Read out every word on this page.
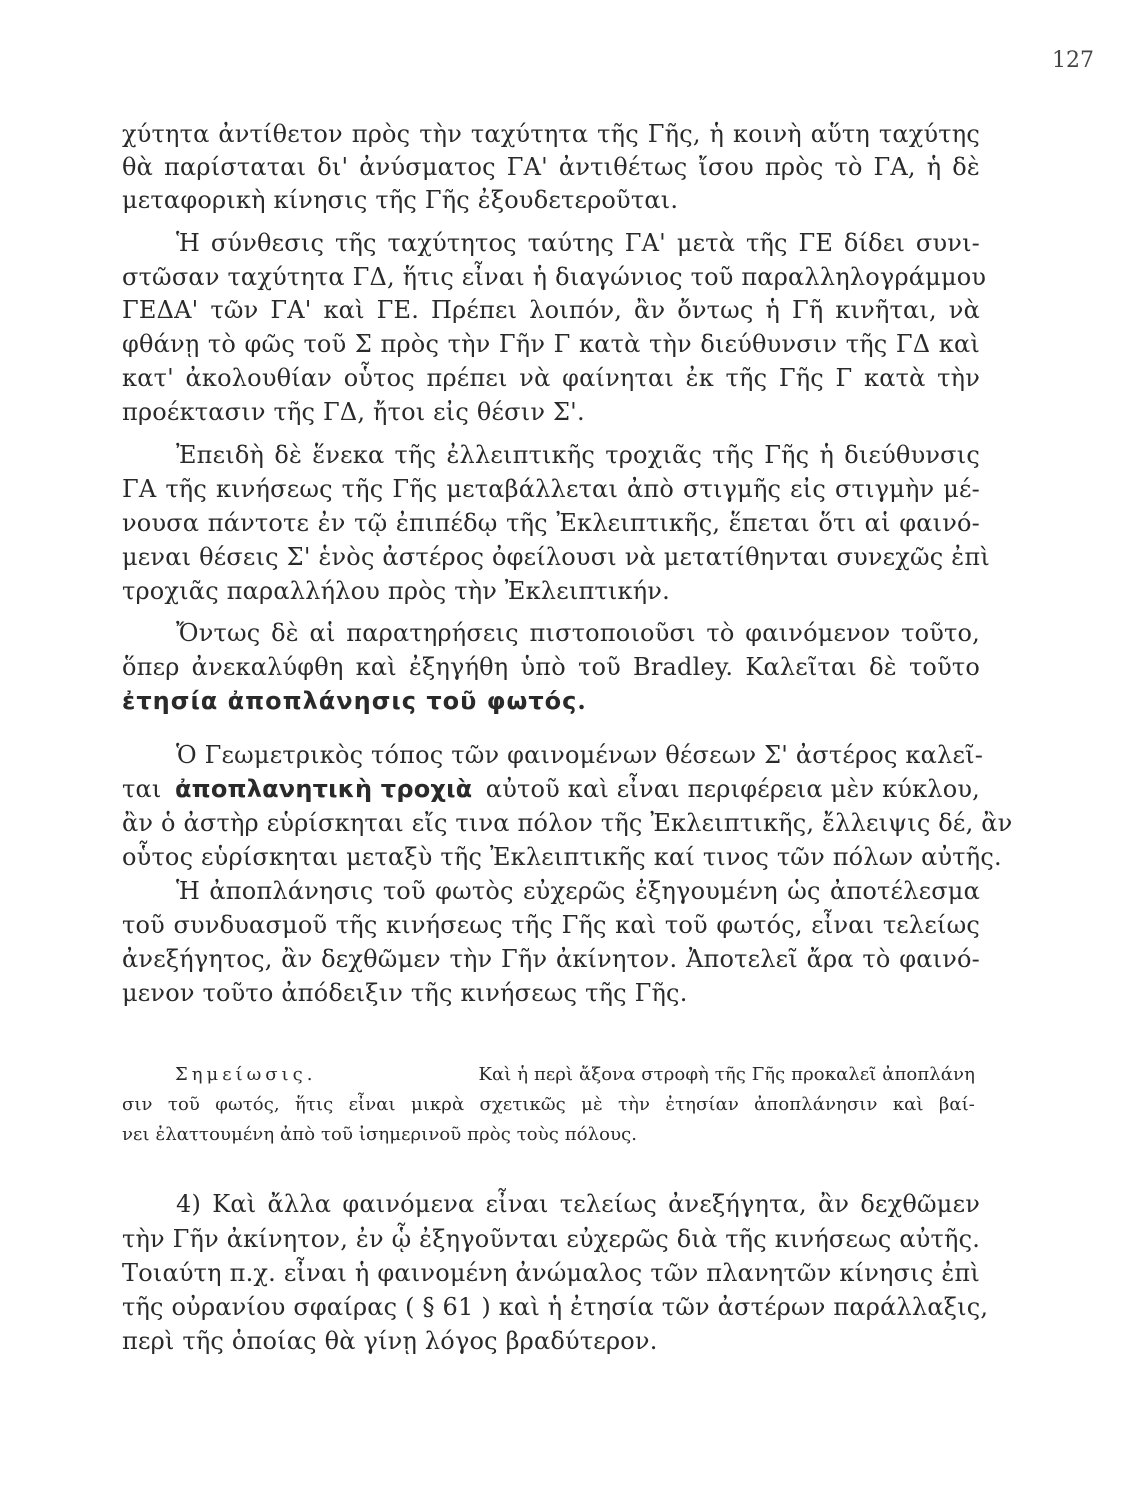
127
χύτητα ἀντίθετον πρὸς τὴν ταχύτητα τῆς Γῆς, ἡ κοινὴ αὕτη ταχύτης
θὰ παρίσταται δι' ἀνύσματος ΓΑ' ἀντιθέτως ἴσου πρὸς τὸ ΓΑ, ἡ δὲ
μεταφορικὴ κίνησις τῆς Γῆς ἐξουδετεροῦται.
Ἡ σύνθεσις τῆς ταχύτητος ταύτης ΓΑ' μετὰ τῆς ΓΕ δίδει συνι-
στῶσαν ταχύτητα ΓΔ, ἥτις εἶναι ἡ διαγώνιος τοῦ παραλληλογράμμου
ΓΕΔΑ' τῶν ΓΑ' καὶ ΓΕ. Πρέπει λοιπόν, ἂν ὄντως ἡ Γῆ κινῆται, νὰ
φθάνῃ τὸ φῶς τοῦ Σ πρὸς τὴν Γῆν Γ κατὰ τὴν διεύθυνσιν τῆς ΓΔ καὶ
κατ' ἀκολουθίαν οὗτος πρέπει νὰ φαίνηται ἐκ τῆς Γῆς Γ κατὰ τὴν
προέκτασιν τῆς ΓΔ, ἤτοι εἰς θέσιν Σ'.
Ἐπειδὴ δὲ ἕνεκα τῆς ἐλλειπτικῆς τροχιᾶς τῆς Γῆς ἡ διεύθυνσις
ΓΑ τῆς κινήσεως τῆς Γῆς μεταβάλλεται ἀπὸ στιγμῆς εἰς στιγμὴν μέ-
νουσα πάντοτε ἐν τῷ ἐπιπέδῳ τῆς Ἐκλειπτικῆς, ἕπεται ὅτι αἱ φαινό-
μεναι θέσεις Σ' ἑνὸς ἀστέρος ὀφείλουσι νὰ μετατίθηνται συνεχῶς ἐπὶ
τροχιᾶς παραλλήλου πρὸς τὴν Ἐκλειπτικήν.
Ὄντως δὲ αἱ παρατηρήσεις πιστοποιοῦσι τὸ φαινόμενον τοῦτο,
ὅπερ ἀνεκαλύφθη καὶ ἐξηγήθη ὑπὸ τοῦ Bradley. Καλεῖται δὲ τοῦτο
ἐτησία ἀποπλάνησις τοῦ φωτός.
Ὁ Γεωμετρικὸς τόπος τῶν φαινομένων θέσεων Σ' ἀστέρος καλεῖ-
ται ἀποπλανητικὴ τροχιὰ αὐτοῦ καὶ εἶναι περιφέρεια μὲν κύκλου,
ἂν ὁ ἀστὴρ εὑρίσκηται εἴς τινα πόλον τῆς Ἐκλειπτικῆς, ἔλλειψις δέ, ἂν
οὗτος εὑρίσκηται μεταξὺ τῆς Ἐκλειπτικῆς καί τινος τῶν πόλων αὐτῆς.
Ἡ ἀποπλάνησις τοῦ φωτὸς εὐχερῶς ἐξηγουμένη ὡς ἀποτέλεσμα
τοῦ συνδυασμοῦ τῆς κινήσεως τῆς Γῆς καὶ τοῦ φωτός, εἶναι τελείως
ἀνεξήγητος, ἂν δεχθῶμεν τὴν Γῆν ἀκίνητον. Ἀποτελεῖ ἄρα τὸ φαινό-
μενον τοῦτο ἀπόδειξιν τῆς κινήσεως τῆς Γῆς.
Σημείωσις.	Καὶ ἡ περὶ ἄξονα στροφὴ τῆς Γῆς προκαλεῖ ἀποπλάνη
σιν τοῦ φωτός, ἥτις εἶναι μικρὰ σχετικῶς μὲ τὴν ἐτησίαν ἀποπλάνησιν καὶ βαί-
νει ἐλαττουμένη ἀπὸ τοῦ ἰσημερινοῦ πρὸς τοὺς πόλους.
4) Καὶ ἄλλα φαινόμενα εἶναι τελείως ἀνεξήγητα, ἂν δεχθῶμεν
τὴν Γῆν ἀκίνητον, ἐν ᾧ ἐξηγοῦνται εὐχερῶς διὰ τῆς κινήσεως αὐτῆς.
Τοιαύτη π.χ. εἶναι ἡ φαινομένη ἀνώμαλος τῶν πλανητῶν κίνησις ἐπὶ
τῆς οὐρανίου σφαίρας ( § 61 ) καὶ ἡ ἐτησία τῶν ἀστέρων παράλλαξις,
περὶ τῆς ὁποίας θὰ γίνῃ λόγος βραδύτερον.
